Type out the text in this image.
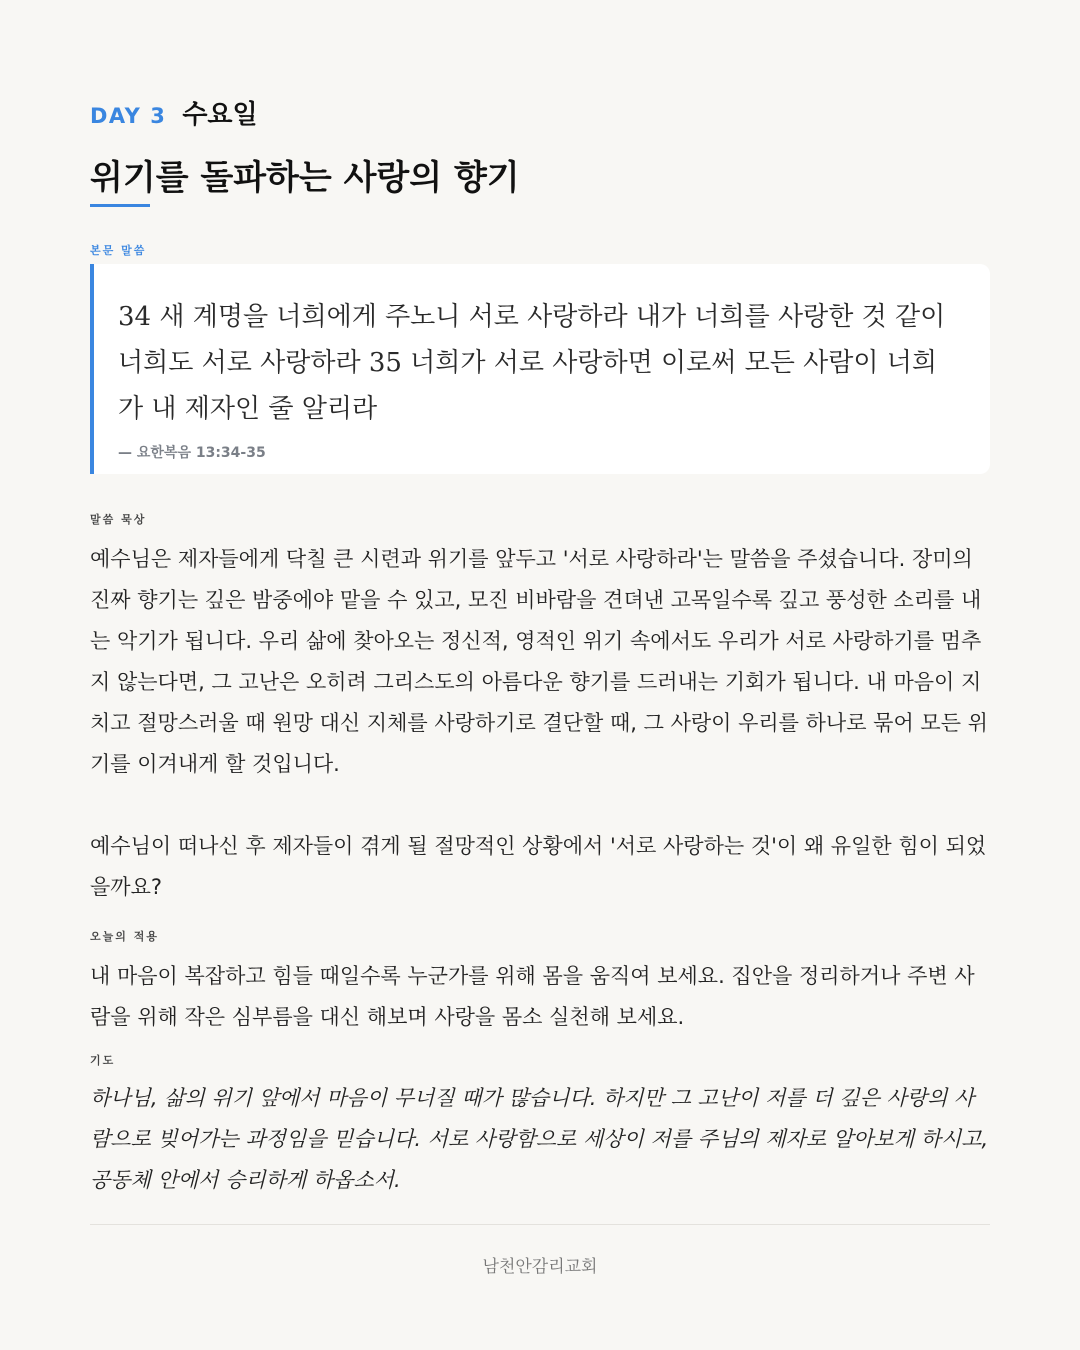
DAY 3 수요일
위기를 돌파하는 사랑의 향기
본문 말씀

34 새 계명을 너희에게 주노니 서로 사랑하라 내가 너희를 사랑한 것 같이 너희도 서로 사랑하라 35 너희가 서로 사랑하면 이로써 모든 사람이 너희가 내 제자인 줄 알리라

— 요한복음 13:34-35
말씀 묵상

예수님은 제자들에게 닥칠 큰 시련과 위기를 앞두고 '서로 사랑하라'는 말씀을 주셨습니다. 장미의 진짜 향기는 깊은 밤중에야 맡을 수 있고, 모진 비바람을 견뎌낸 고목일수록 깊고 풍성한 소리를 내는 악기가 됩니다. 우리 삶에 찾아오는 정신적, 영적인 위기 속에서도 우리가 서로 사랑하기를 멈추지 않는다면, 그 고난은 오히려 그리스도의 아름다운 향기를 드러내는 기회가 됩니다. 내 마음이 지치고 절망스러울 때 원망 대신 지체를 사랑하기로 결단할 때, 그 사랑이 우리를 하나로 묶어 모든 위기를 이겨내게 할 것입니다.

예수님이 떠나신 후 제자들이 겪게 될 절망적인 상황에서 '서로 사랑하는 것'이 왜 유일한 힘이 되었을까요?

오늘의 적용

내 마음이 복잡하고 힘들 때일수록 누군가를 위해 몸을 움직여 보세요. 집안을 정리하거나 주변 사람을 위해 작은 심부름을 대신 해보며 사랑을 몸소 실천해 보세요.

기도

하나님, 삶의 위기 앞에서 마음이 무너질 때가 많습니다. 하지만 그 고난이 저를 더 깊은 사랑의 사람으로 빚어가는 과정임을 믿습니다. 서로 사랑함으로 세상이 저를 주님의 제자로 알아보게 하시고, 공동체 안에서 승리하게 하옵소서.

남천안감리교회
